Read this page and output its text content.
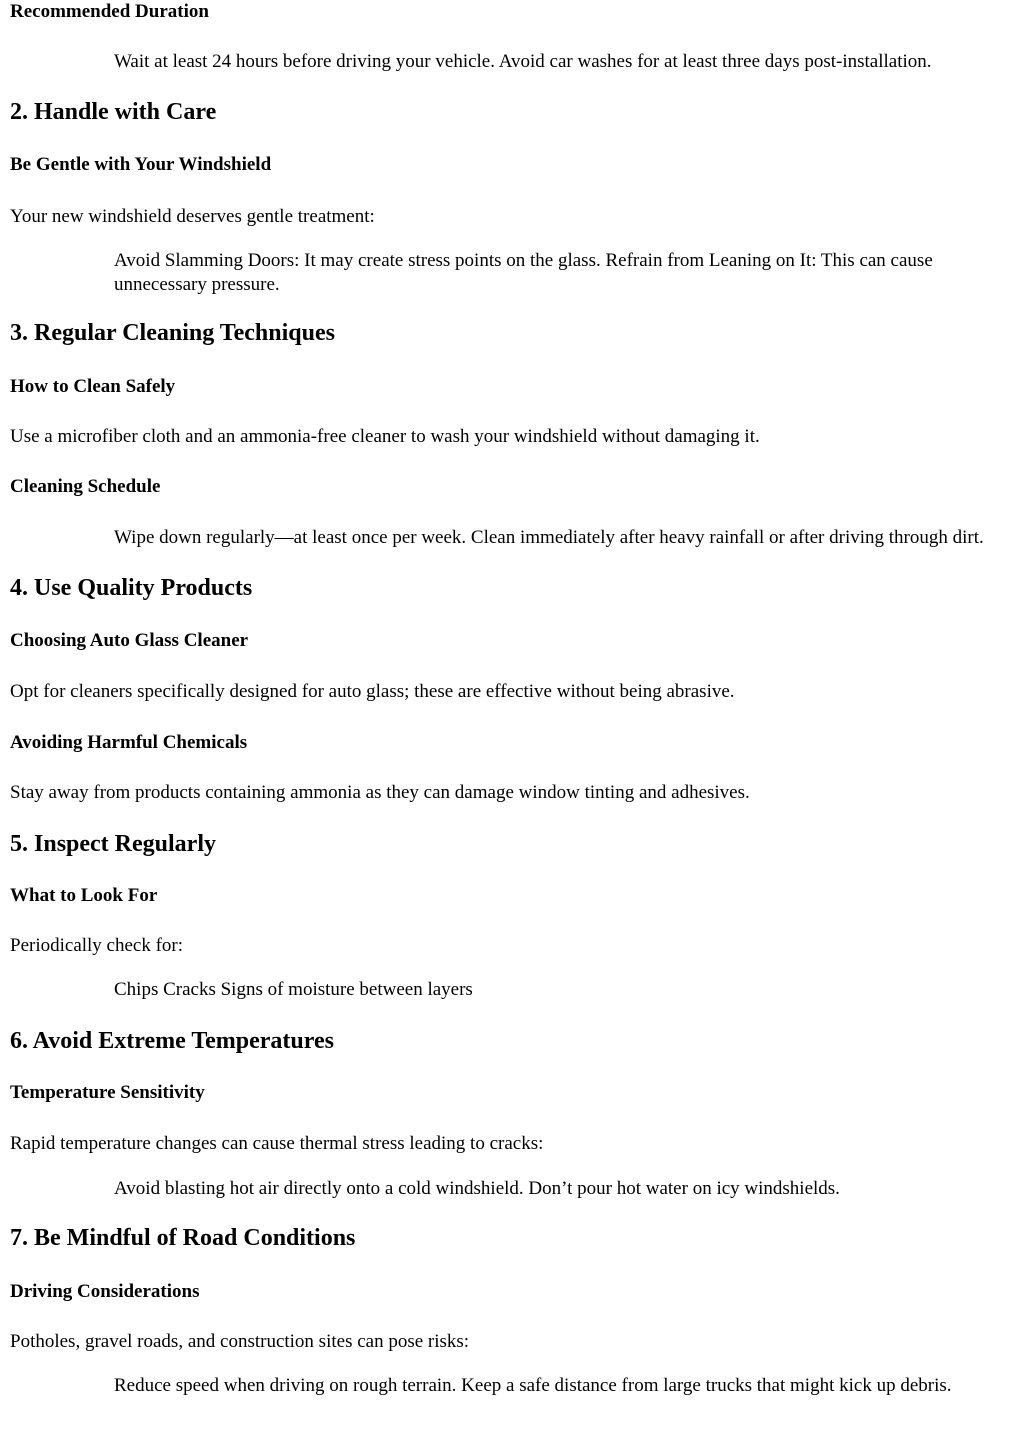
Recommended Duration

Wait at least 24 hours before driving your vehicle. Avoid car washes for at least three days post-installation.

2. Handle with Care
Be Gentle with Your Windshield

Your new windshield deserves gentle treatment:

Avoid Slamming Doors: It may create stress points on the glass. Refrain from Leaning on It: This can cause unnecessary pressure.

3. Regular Cleaning Techniques
How to Clean Safely

Use a microfiber cloth and an ammonia-free cleaner to wash your windshield without damaging it.

Cleaning Schedule

Wipe down regularly—at least once per week. Clean immediately after heavy rainfall or after driving through dirt.

4. Use Quality Products
Choosing Auto Glass Cleaner

Opt for cleaners specifically designed for auto glass; these are effective without being abrasive.

Avoiding Harmful Chemicals

Stay away from products containing ammonia as they can damage window tinting and adhesives.

5. Inspect Regularly
What to Look For

Periodically check for:

Chips Cracks Signs of moisture between layers

6. Avoid Extreme Temperatures
Temperature Sensitivity

Rapid temperature changes can cause thermal stress leading to cracks:

Avoid blasting hot air directly onto a cold windshield. Don’t pour hot water on icy windshields.

7. Be Mindful of Road Conditions
Driving Considerations

Potholes, gravel roads, and construction sites can pose risks:

Reduce speed when driving on rough terrain. Keep a safe distance from large trucks that might kick up debris.
